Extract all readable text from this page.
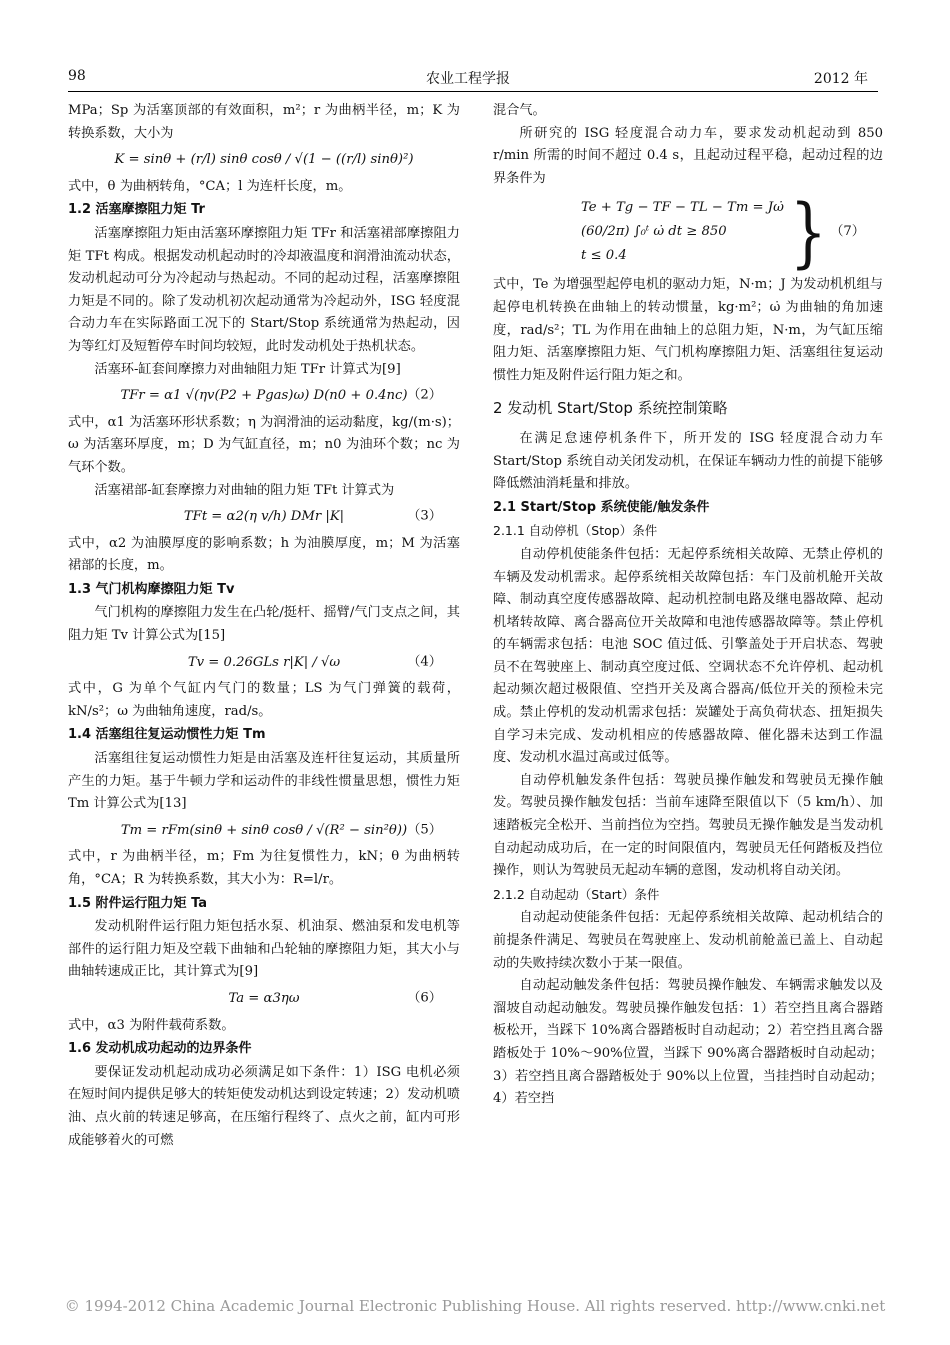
98	农业工程学报	2012 年

MPa；Sp 为活塞顶部的有效面积，m²；r 为曲柄半径，m；K 为转换系数，大小为

K = sinθ + (r/l) sinθ cosθ / √(1 − ((r/l) sinθ)²)

式中，θ 为曲柄转角，°CA；l 为连杆长度，m。

1.2 活塞摩擦阻力矩 Tr

活塞摩擦阻力矩由活塞环摩擦阻力矩 TFr 和活塞裙部摩擦阻力矩 TFt 构成。根据发动机起动时的冷却液温度和润滑油流动状态，发动机起动可分为冷起动与热起动。不同的起动过程，活塞摩擦阻力矩是不同的。除了发动机初次起动通常为冷起动外，ISG 轻度混合动力车在实际路面工况下的 Start/Stop 系统通常为热起动，因为等红灯及短暂停车时间均较短，此时发动机处于热机状态。

活塞环-缸套间摩擦力对曲轴阻力矩 TFr 计算式为[9]

TFr = α1 √(ηv(P2 + Pgas)ω) D(n0 + 0.4nc) （2）

式中，α1 为活塞环形状系数；η 为润滑油的运动黏度，kg/(m·s)；ω 为活塞环厚度，m；D 为气缸直径，m；n0 为油环个数；nc 为气环个数。

活塞裙部-缸套摩擦力对曲轴的阻力矩 TFt 计算式为

TFt = α2(η v/h) DMr |K|	（3）

式中，α2 为油膜厚度的影响系数；h 为油膜厚度，m；M 为活塞裙部的长度，m。

1.3 气门机构摩擦阻力矩 Tv

气门机构的摩擦阻力发生在凸轮/挺杆、摇臂/气门支点之间，其阻力矩 Tv 计算公式为[15]

Tv = 0.26GLs r|K| / √ω	（4）

式中，G 为单个气缸内气门的数量；LS 为气门弹簧的载荷，kN/s²；ω 为曲轴角速度，rad/s。

1.4 活塞组往复运动惯性力矩 Tm

活塞组往复运动惯性力矩是由活塞及连杆往复运动，其质量所产生的力矩。基于牛顿力学和运动件的非线性惯量思想，惯性力矩 Tm 计算公式为[13]

Tm = rFm(sinθ + sinθ cosθ / √(R² − sin²θ)) （5）

式中，r 为曲柄半径，m；Fm 为往复惯性力，kN；θ 为曲柄转角，°CA；R 为转换系数，其大小为：R=l/r。

1.5 附件运行阻力矩 Ta

发动机附件运行阻力矩包括水泵、机油泵、燃油泵和发电机等部件的运行阻力矩及空载下曲轴和凸轮轴的摩擦阻力矩，其大小与曲轴转速成正比，其计算式为[9]

Ta = α3ηω	（6）

式中，α3 为附件载荷系数。

1.6 发动机成功起动的边界条件

要保证发动机起动成功必须满足如下条件：1）ISG 电机必须在短时间内提供足够大的转矩使发动机达到设定转速；2）发动机喷油、点火前的转速足够高，在压缩行程终了、点火之前，缸内可形成能够着火的可燃

混合气。

所研究的 ISG 轻度混合动力车，要求发动机起动到 850 r/min 所需的时间不超过 0.4 s，且起动过程平稳，起动过程的边界条件为

Te + Tg − TF − TL − Tm = Jω̇
(60/2π) ∫₀ᵗ ω̇ dt ≥ 850
t ≤ 0.4	} （7）

式中，Te 为增强型起停电机的驱动力矩，N·m；J 为发动机机组与起停电机转换在曲轴上的转动惯量，kg·m²；ω̇ 为曲轴的角加速度，rad/s²；TL 为作用在曲轴上的总阻力矩，N·m，为气缸压缩阻力矩、活塞摩擦阻力矩、气门机构摩擦阻力矩、活塞组往复运动惯性力矩及附件运行阻力矩之和。

2 发动机 Start/Stop 系统控制策略

在满足怠速停机条件下，所开发的 ISG 轻度混合动力车 Start/Stop 系统自动关闭发动机，在保证车辆动力性的前提下能够降低燃油消耗量和排放。

2.1 Start/Stop 系统使能/触发条件
2.1.1 自动停机（Stop）条件

自动停机使能条件包括：无起停系统相关故障、无禁止停机的车辆及发动机需求。起停系统相关故障包括：车门及前机舱开关故障、制动真空度传感器故障、起动机控制电路及继电器故障、起动机堵转故障、离合器高位开关故障和电池传感器故障等。禁止停机的车辆需求包括：电池 SOC 值过低、引擎盖处于开启状态、驾驶员不在驾驶座上、制动真空度过低、空调状态不允许停机、起动机起动频次超过极限值、空挡开关及离合器高/低位开关的预检未完成。禁止停机的发动机需求包括：炭罐处于高负荷状态、扭矩损失自学习未完成、发动机相应的传感器故障、催化器未达到工作温度、发动机水温过高或过低等。

自动停机触发条件包括：驾驶员操作触发和驾驶员无操作触发。驾驶员操作触发包括：当前车速降至限值以下（5 km/h）、加速踏板完全松开、当前挡位为空挡。驾驶员无操作触发是当发动机自动起动成功后，在一定的时间限值内，驾驶员无任何踏板及挡位操作，则认为驾驶员无起动车辆的意图，发动机将自动关闭。

2.1.2 自动起动（Start）条件

自动起动使能条件包括：无起停系统相关故障、起动机结合的前提条件满足、驾驶员在驾驶座上、发动机前舱盖已盖上、自动起动的失败持续次数小于某一限值。

自动起动触发条件包括：驾驶员操作触发、车辆需求触发以及溜坡自动起动触发。驾驶员操作触发包括：1）若空挡且离合器踏板松开，当踩下 10%离合器踏板时自动起动；2）若空挡且离合器踏板处于 10%～90%位置，当踩下 90%离合器踏板时自动起动；3）若空挡且离合器踏板处于 90%以上位置，当挂挡时自动起动；4）若空挡

© 1994-2012 China Academic Journal Electronic Publishing House. All rights reserved. http://www.cnki.net
